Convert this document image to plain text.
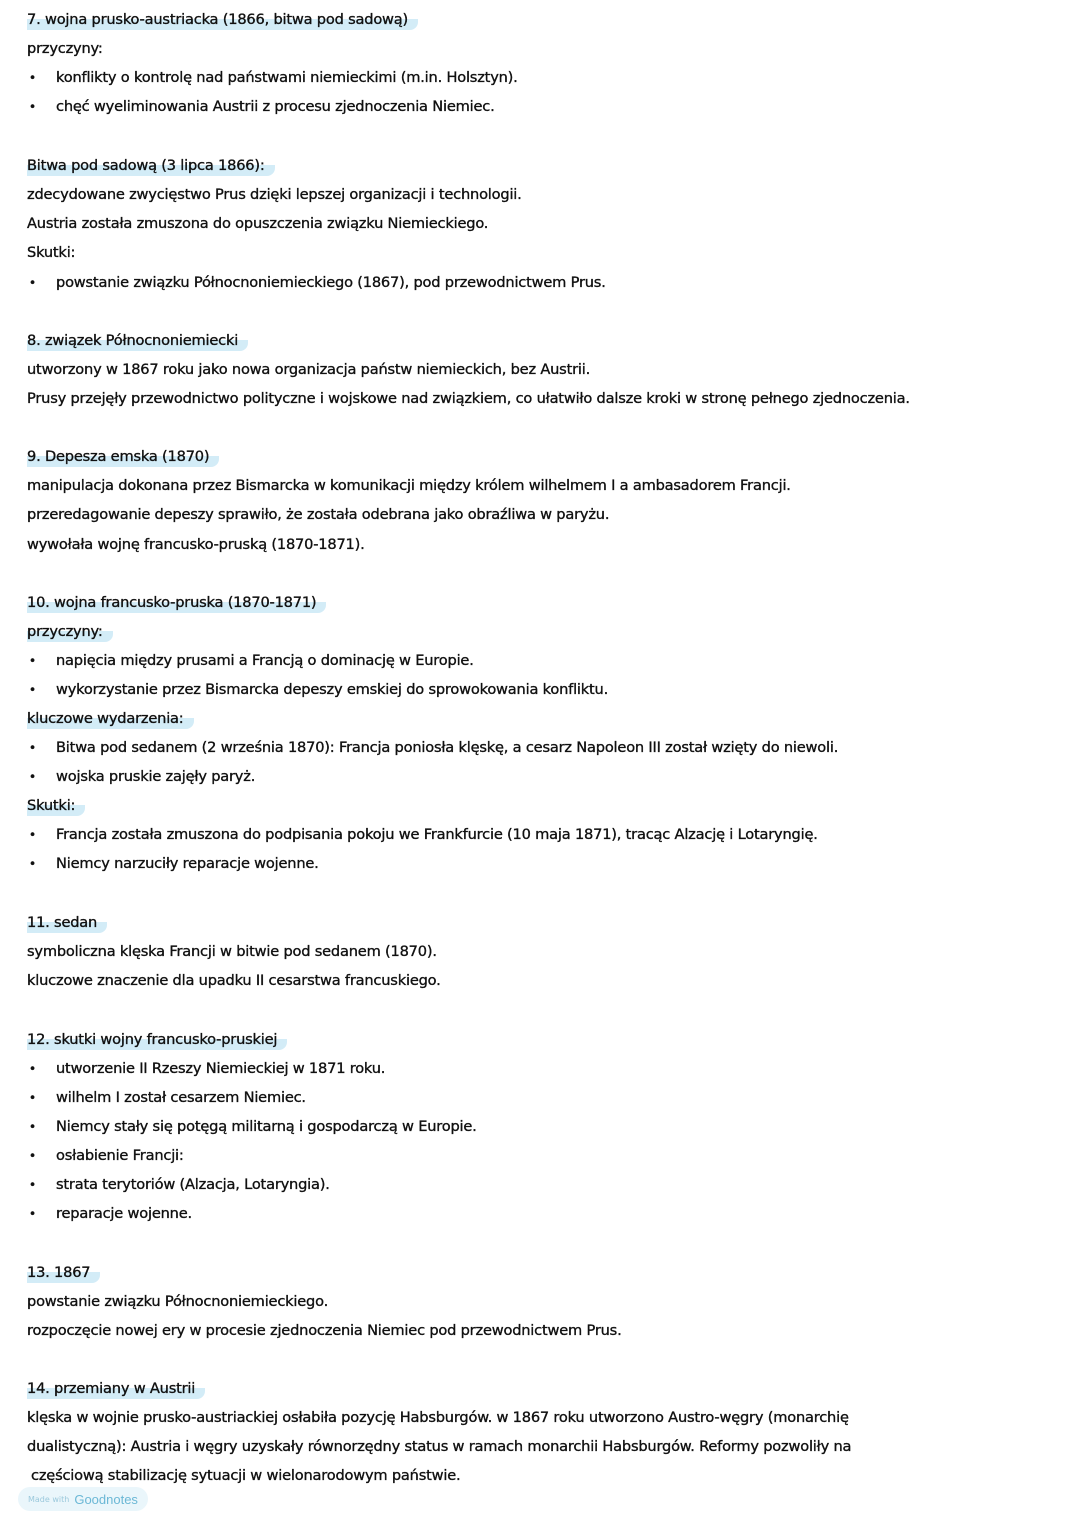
7. wojna prusko-austriacka (1866, bitwa pod sadową)
przyczyny:
• konflikty o kontrolę nad państwami niemieckimi (m.in. Holsztyn).
• chęć wyeliminowania Austrii z procesu zjednoczenia Niemiec.
Bitwa pod sadową (3 lipca 1866):
zdecydowane zwycięstwo Prus dzięki lepszej organizacji i technologii.
Austria została zmuszona do opuszczenia związku Niemieckiego.
Skutki:
• powstanie związku Północnoniemieckiego (1867), pod przewodnictwem Prus.
8. związek Północnoniemiecki
utworzony w 1867 roku jako nowa organizacja państw niemieckich, bez Austrii.
Prusy przejęły przewodnictwo polityczne i wojskowe nad związkiem, co ułatwiło dalsze kroki w stronę pełnego zjednoczenia.
9. Depesza emska (1870)
manipulacja dokonana przez Bismarcka w komunikacji między królem wilhelmem I a ambasadorem Francji.
przeredagowanie depeszy sprawiło, że została odebrana jako obraźliwa w paryżu.
wywołała wojnę francusko-pruską (1870-1871).
10. wojna francusko-pruska (1870-1871)
przyczyny:
• napięcia między prusami a Francją o dominację w Europie.
• wykorzystanie przez Bismarcka depeszy emskiej do sprowokowania konfliktu.
kluczowe wydarzenia:
• Bitwa pod sedanem (2 września 1870): Francja poniosła klęskę, a cesarz Napoleon III został wzięty do niewoli.
• wojska pruskie zajęły paryż.
Skutki:
• Francja została zmuszona do podpisania pokoju we Frankfurcie (10 maja 1871), tracąc Alzację i Lotaryngię.
• Niemcy narzuciły reparacje wojenne.
11. sedan
symboliczna klęska Francji w bitwie pod sedanem (1870).
kluczowe znaczenie dla upadku II cesarstwa francuskiego.
12. skutki wojny francusko-pruskiej
• utworzenie II Rzeszy Niemieckiej w 1871 roku.
• wilhelm I został cesarzem Niemiec.
• Niemcy stały się potęgą militarną i gospodarczą w Europie.
• osłabienie Francji:
• strata terytoriów (Alzacja, Lotaryngia).
• reparacje wojenne.
13. 1867
powstanie związku Północnoniemieckiego.
rozpoczęcie nowej ery w procesie zjednoczenia Niemiec pod przewodnictwem Prus.
14. przemiany w Austrii
klęska w wojnie prusko-austriackiej osłabiła pozycję Habsburgów. w 1867 roku utworzono Austro-węgry (monarchię
dualistyczną): Austria i węgry uzyskały równorzędny status w ramach monarchii Habsburgów. Reformy pozwoliły na
częściową stabilizację sytuacji w wielonarodowym państwie.
Made with Goodnotes
